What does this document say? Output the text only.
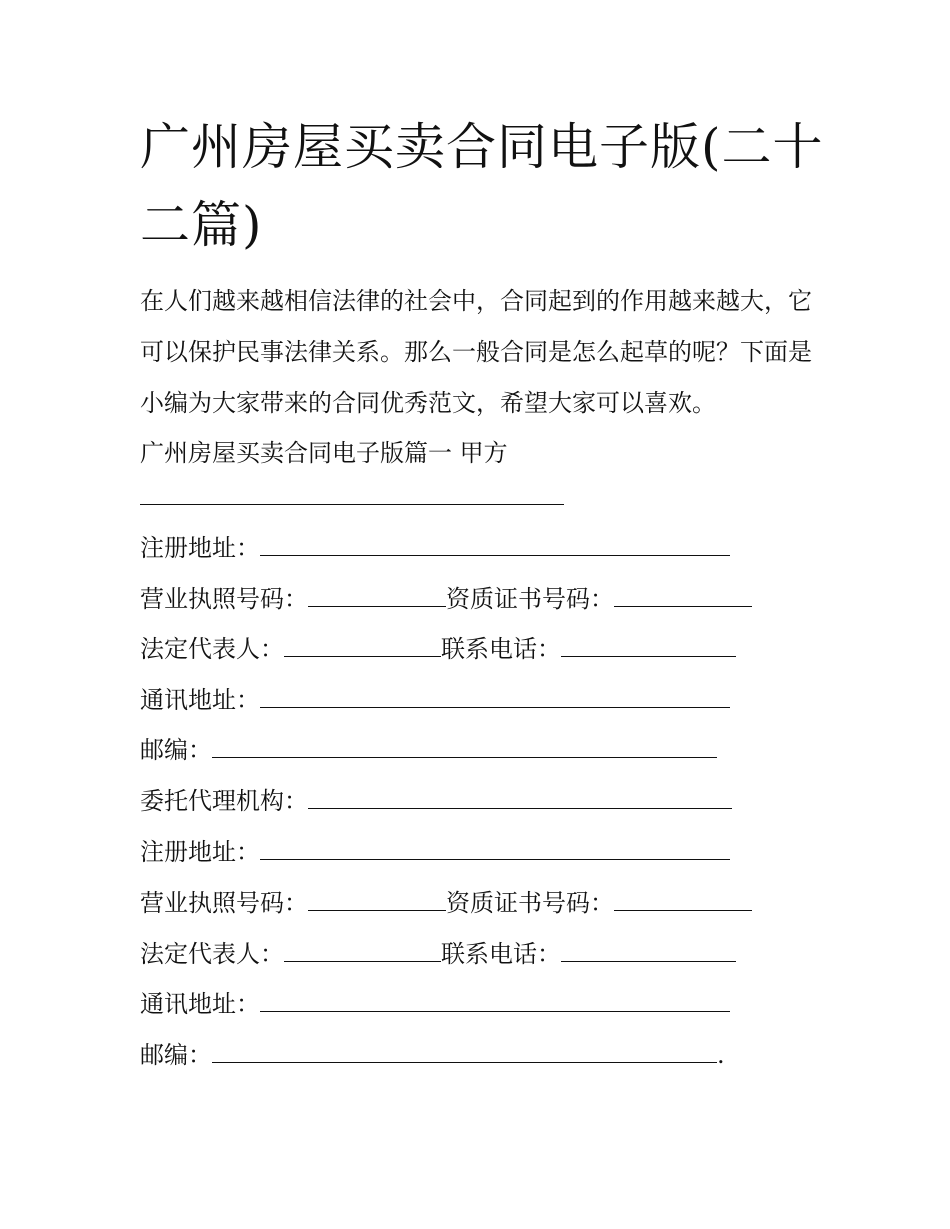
广州房屋买卖合同电子版(二十二篇)

在人们越来越相信法律的社会中，合同起到的作用越来越大，它可以保护民事法律关系。那么一般合同是怎么起草的呢？下面是小编为大家带来的合同优秀范文，希望大家可以喜欢。

广州房屋买卖合同电子版篇一 甲方
注册地址：
营业执照号码：	资质证书号码：
法定代表人：	联系电话：
通讯地址：
邮编：
委托代理机构：
注册地址：
营业执照号码：	资质证书号码：
法定代表人：	联系电话：
通讯地址：
邮编：	.
